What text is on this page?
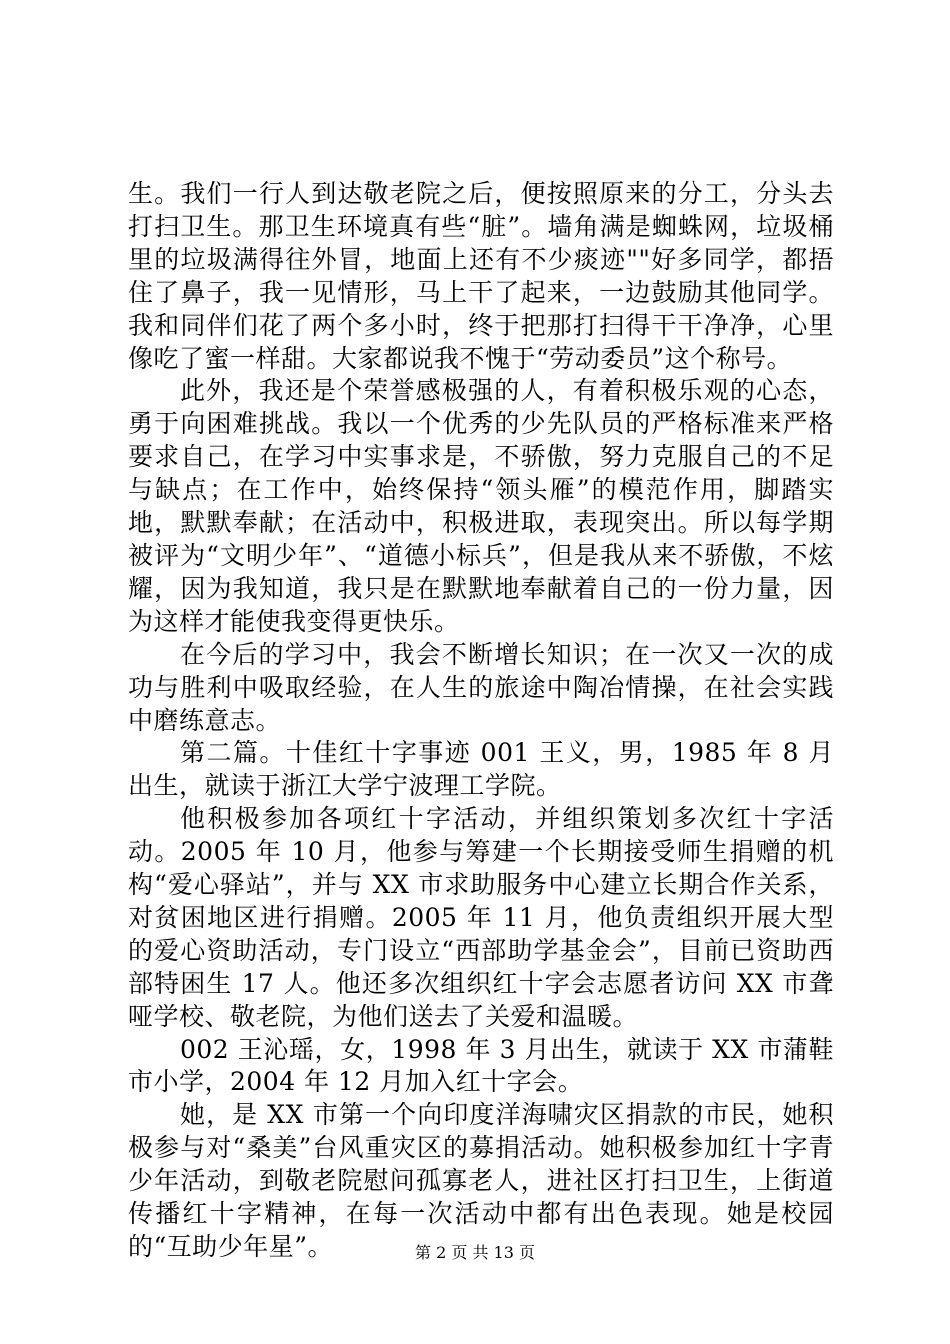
生。我们一行人到达敬老院之后，便按照原来的分工，分头去打扫卫生。那卫生环境真有些“脏”。墙角满是蜘蛛网，垃圾桶里的垃圾满得往外冒，地面上还有不少痰迹""好多同学，都捂住了鼻子，我一见情形，马上干了起来，一边鼓励其他同学。我和同伴们花了两个多小时，终于把那打扫得干干净净，心里像吃了蜜一样甜。大家都说我不愧于“劳动委员”这个称号。

此外，我还是个荣誉感极强的人，有着积极乐观的心态，勇于向困难挑战。我以一个优秀的少先队员的严格标准来严格要求自己，在学习中实事求是，不骄傲，努力克服自己的不足与缺点；在工作中，始终保持“领头雁”的模范作用，脚踏实地，默默奉献；在活动中，积极进取，表现突出。所以每学期被评为“文明少年”、“道德小标兵”，但是我从来不骄傲，不炫耀，因为我知道，我只是在默默地奉献着自己的一份力量，因为这样才能使我变得更快乐。

在今后的学习中，我会不断增长知识；在一次又一次的成功与胜利中吸取经验，在人生的旅途中陶冶情操，在社会实践中磨练意志。

第二篇。十佳红十字事迹 001 王义，男，1985 年 8 月出生，就读于浙江大学宁波理工学院。

他积极参加各项红十字活动，并组织策划多次红十字活动。2005 年 10 月，他参与筹建一个长期接受师生捐赠的机构“爱心驿站”，并与 XX 市求助服务中心建立长期合作关系，对贫困地区进行捐赠。2005 年 11 月，他负责组织开展大型的爱心资助活动，专门设立“西部助学基金会”，目前已资助西部特困生 17 人。他还多次组织红十字会志愿者访问 XX 市聋哑学校、敬老院，为他们送去了关爱和温暖。

002 王沁瑶，女，1998 年 3 月出生，就读于 XX 市蒲鞋市小学，2004 年 12 月加入红十字会。

她，是 XX 市第一个向印度洋海啸灾区捐款的市民，她积极参与对“桑美”台风重灾区的募捐活动。她积极参加红十字青少年活动，到敬老院慰问孤寡老人，进社区打扫卫生，上街道传播红十字精神，在每一次活动中都有出色表现。她是校园的“互助少年星”。	第 2 页 共 13 页
